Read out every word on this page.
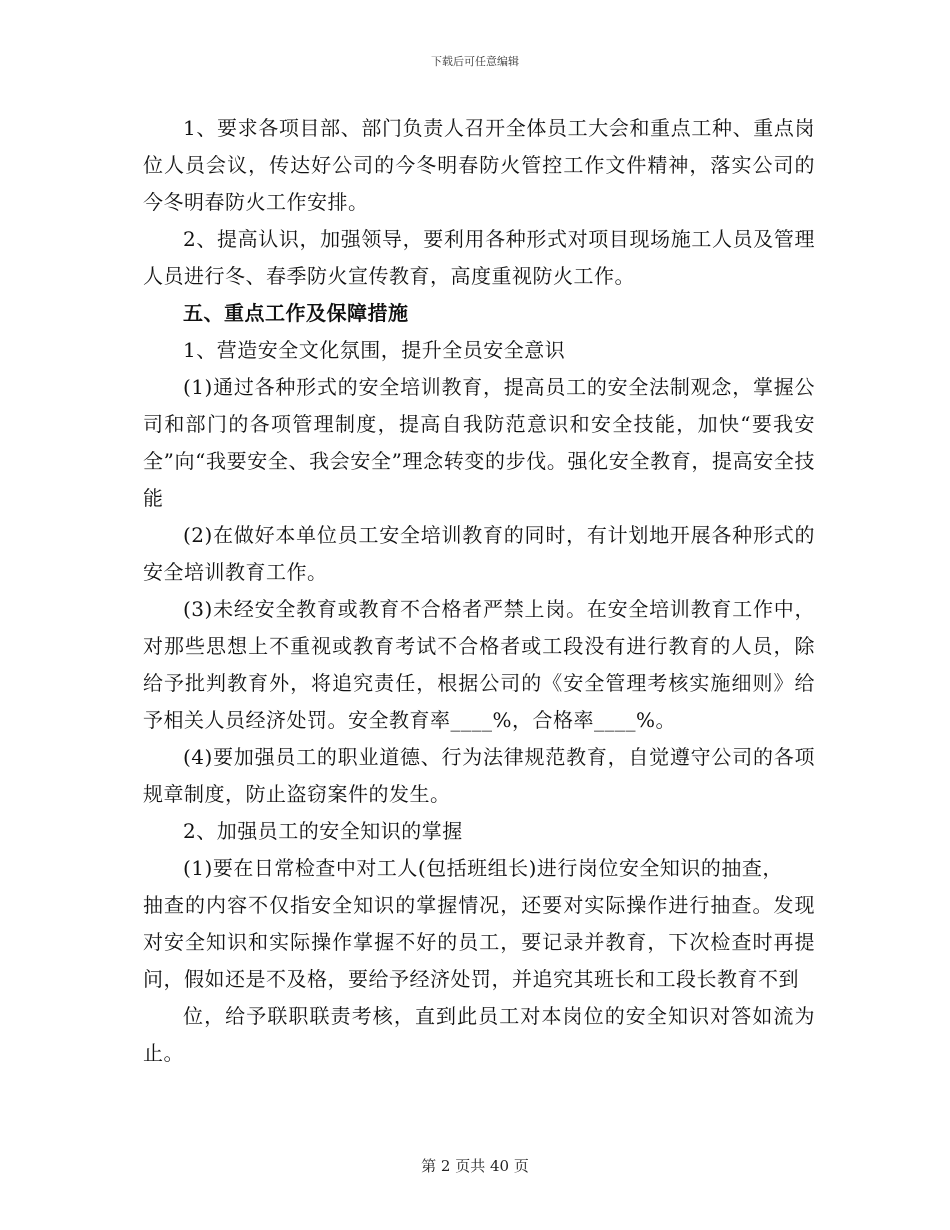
下载后可任意编辑

1、要求各项目部、部门负责人召开全体员工大会和重点工种、重点岗位人员会议，传达好公司的今冬明春防火管控工作文件精神，落实公司的今冬明春防火工作安排。

2、提高认识，加强领导，要利用各种形式对项目现场施工人员及管理人员进行冬、春季防火宣传教育，高度重视防火工作。

五、重点工作及保障措施

1、营造安全文化氛围，提升全员安全意识

(1)通过各种形式的安全培训教育，提高员工的安全法制观念，掌握公司和部门的各项管理制度，提高自我防范意识和安全技能，加快“要我安全”向“我要安全、我会安全”理念转变的步伐。强化安全教育，提高安全技能

(2)在做好本单位员工安全培训教育的同时，有计划地开展各种形式的安全培训教育工作。

(3)未经安全教育或教育不合格者严禁上岗。在安全培训教育工作中，对那些思想上不重视或教育考试不合格者或工段没有进行教育的人员，除给予批判教育外，将追究责任，根据公司的《安全管理考核实施细则》给予相关人员经济处罚。安全教育率____%，合格率____%。

(4)要加强员工的职业道德、行为法律规范教育，自觉遵守公司的各项规章制度，防止盗窃案件的发生。

2、加强员工的安全知识的掌握

(1)要在日常检查中对工人(包括班组长)进行岗位安全知识的抽查，

抽查的内容不仅指安全知识的掌握情况，还要对实际操作进行抽查。发现对安全知识和实际操作掌握不好的员工，要记录并教育，下次检查时再提问，假如还是不及格，要给予经济处罚，并追究其班长和工段长教育不到

位，给予联职联责考核，直到此员工对本岗位的安全知识对答如流为止。

第 2 页共 40 页
